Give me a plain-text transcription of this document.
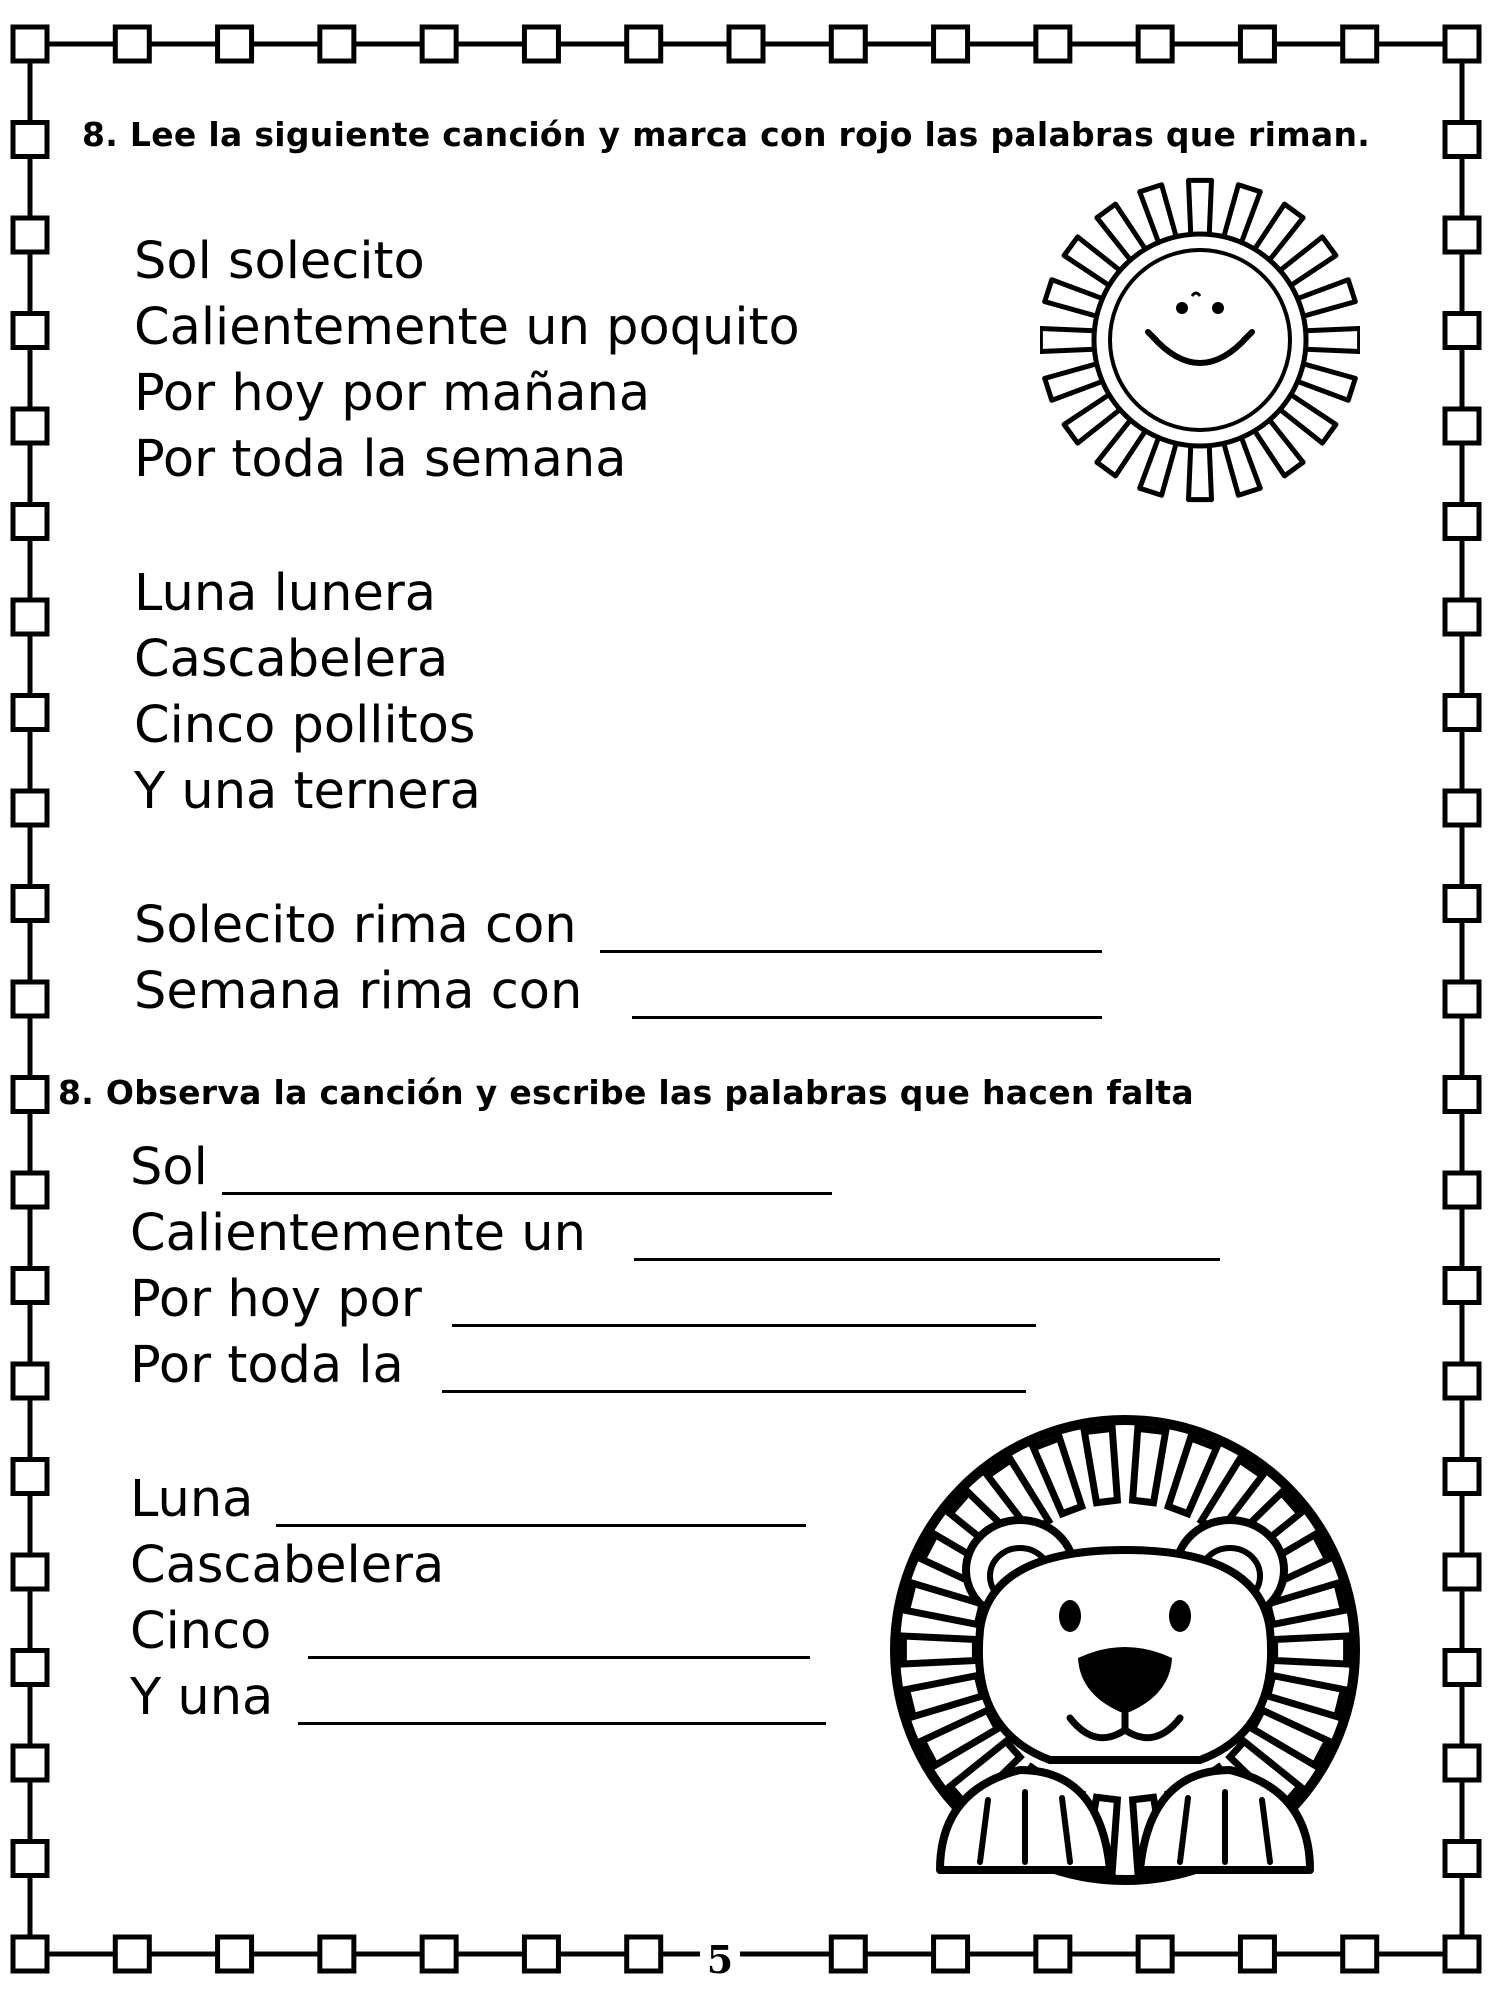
8. Lee la siguiente canción y marca con rojo las palabras que riman.

Sol solecito

Calientemente un poquito

Por hoy por mañana

Por toda la semana

Luna lunera

Cascabelera

Cinco pollitos

Y una ternera

Solecito rima con

Semana rima con

8. Observa la canción y escribe las palabras que hacen falta

Sol

Calientemente un

Por hoy por

Por toda la

Luna

Cascabelera

Cinco

Y una

5
